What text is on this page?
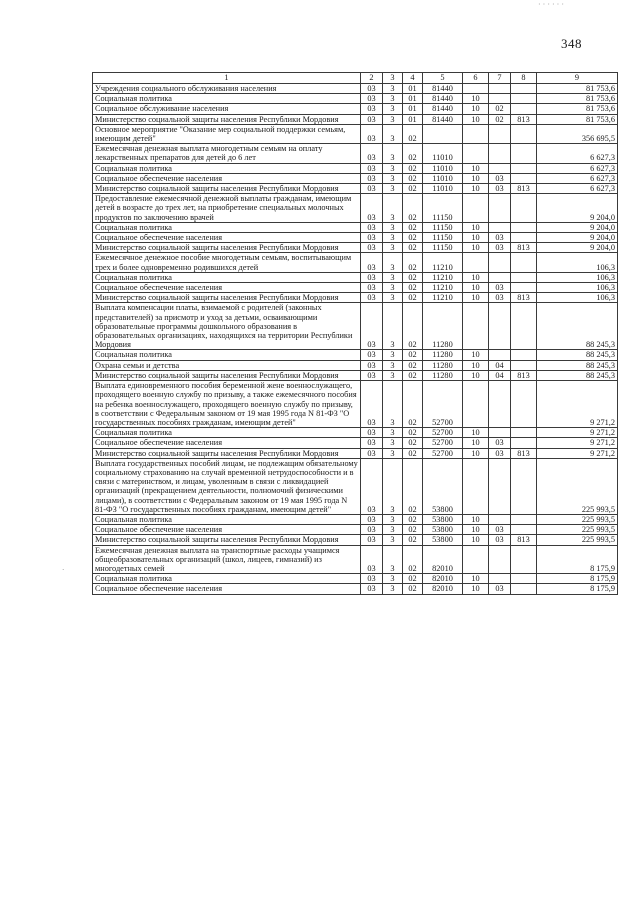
· · · · · ·
348
·
1	2	3	4	5	6	7	8	9
Учреждения социального обслуживания населения	03	3	01	81440				81 753,6
Социальная политика	03	3	01	81440	10			81 753,6
Социальное обслуживание населения	03	3	01	81440	10	02		81 753,6
Министерство социальной защиты населения Республики Мордовия	03	3	01	81440	10	02	813	81 753,6
Основное мероприятие "Оказание мер социальной поддержки семьям, имеющим детей"	03	3	02					356 695,5
Ежемесячная денежная выплата многодетным семьям на оплату лекарственных препаратов для детей до 6 лет	03	3	02	11010				6 627,3
Социальная политика	03	3	02	11010	10			6 627,3
Социальное обеспечение населения	03	3	02	11010	10	03		6 627,3
Министерство социальной защиты населения Республики Мордовия	03	3	02	11010	10	03	813	6 627,3
Предоставление ежемесячной денежной выплаты гражданам, имеющим детей в возрасте до трех лет, на приобретение специальных молочных продуктов по заключению врачей	03	3	02	11150				9 204,0
Социальная политика	03	3	02	11150	10			9 204,0
Социальное обеспечение населения	03	3	02	11150	10	03		9 204,0
Министерство социальной защиты населения Республики Мордовия	03	3	02	11150	10	03	813	9 204,0
Ежемесячное денежное пособие многодетным семьям, воспитывающим трех и более одновременно родившихся детей	03	3	02	11210				106,3
Социальная политика	03	3	02	11210	10			106,3
Социальное обеспечение населения	03	3	02	11210	10	03		106,3
Министерство социальной защиты населения Республики Мордовия	03	3	02	11210	10	03	813	106,3
Выплата компенсации платы, взимаемой с родителей (законных представителей) за присмотр и уход за детьми, осваивающими образовательные программы дошкольного образования в образовательных организациях, находящихся на территории Республики Мордовия	03	3	02	11280				88 245,3
Социальная политика	03	3	02	11280	10			88 245,3
Охрана семьи и детства	03	3	02	11280	10	04		88 245,3
Министерство социальной защиты населения Республики Мордовия	03	3	02	11280	10	04	813	88 245,3
Выплата единовременного пособия беременной жене военнослужащего, проходящего военную службу по призыву, а также ежемесячного пособия на ребенка военнослужащего, проходящего военную службу по призыву, в соответствии с Федеральным законом от 19 мая 1995 года N 81-ФЗ "О государственных пособиях гражданам, имеющим детей"	03	3	02	52700				9 271,2
Социальная политика	03	3	02	52700	10			9 271,2
Социальное обеспечение населения	03	3	02	52700	10	03		9 271,2
Министерство социальной защиты населения Республики Мордовия	03	3	02	52700	10	03	813	9 271,2
Выплата государственных пособий лицам, не подлежащим обязательному социальному страхованию на случай временной нетрудоспособности и в связи с материнством, и лицам, уволенным в связи с ликвидацией организаций (прекращением деятельности, полномочий физическими лицами), в соответствии с Федеральным законом от 19 мая 1995 года N 81-ФЗ "О государственных пособиях гражданам, имеющим детей"	03	3	02	53800				225 993,5
Социальная политика	03	3	02	53800	10			225 993,5
Социальное обеспечение населения	03	3	02	53800	10	03		225 993,5
Министерство социальной защиты населения Республики Мордовия	03	3	02	53800	10	03	813	225 993,5
Ежемесячная денежная выплата на транспортные расходы учащимся общеобразовательных организаций (школ, лицеев, гимназий) из многодетных семей	03	3	02	82010				8 175,9
Социальная политика	03	3	02	82010	10			8 175,9
Социальное обеспечение населения	03	3	02	82010	10	03		8 175,9
